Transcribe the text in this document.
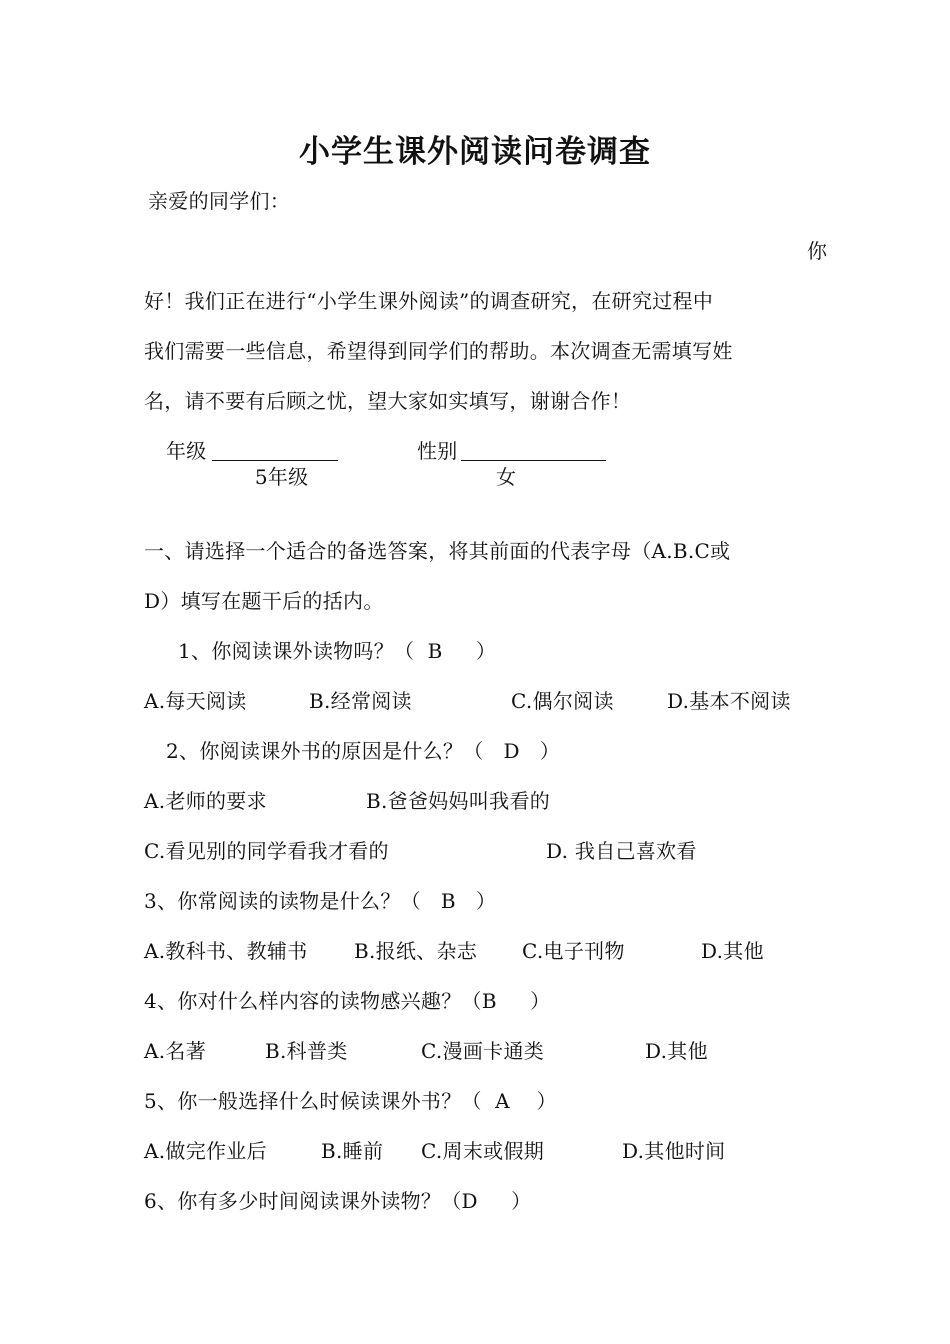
小学生课外阅读问卷调查
亲爱的同学们：
你
好！我们正在进行“小学生课外阅读”的调查研究，在研究过程中
我们需要一些信息，希望得到同学们的帮助。本次调查无需填写姓
名，请不要有后顾之忧，望大家如实填写，谢谢合作！
年级

5年级

性别

女

一、请选择一个适合的备选答案，将其前面的代表字母（A.B.C或
D）填写在题干后的括内。
1、你阅读课外读物吗？（  B     ）
A.每天阅读	B.经常阅读	C.偶尔阅读	D.基本不阅读
2、你阅读课外书的原因是什么？（   D   ）
A.老师的要求	B.爸爸妈妈叫我看的
C.看见别的同学看我才看的	D. 我自己喜欢看
3、你常阅读的读物是什么？（   B   ）
A.教科书、教辅书 B.报纸、杂志 C.电子刊物	D.其他
4、你对什么样内容的读物感兴趣？（B     ）
A.名著	B.科普类	C.漫画卡通类	D.其他
5、你一般选择什么时候读课外书？（  A    ）
A.做完作业后	B.睡前 C.周末或假期	D.其他时间
6、你有多少时间阅读课外读物？（D     ）
